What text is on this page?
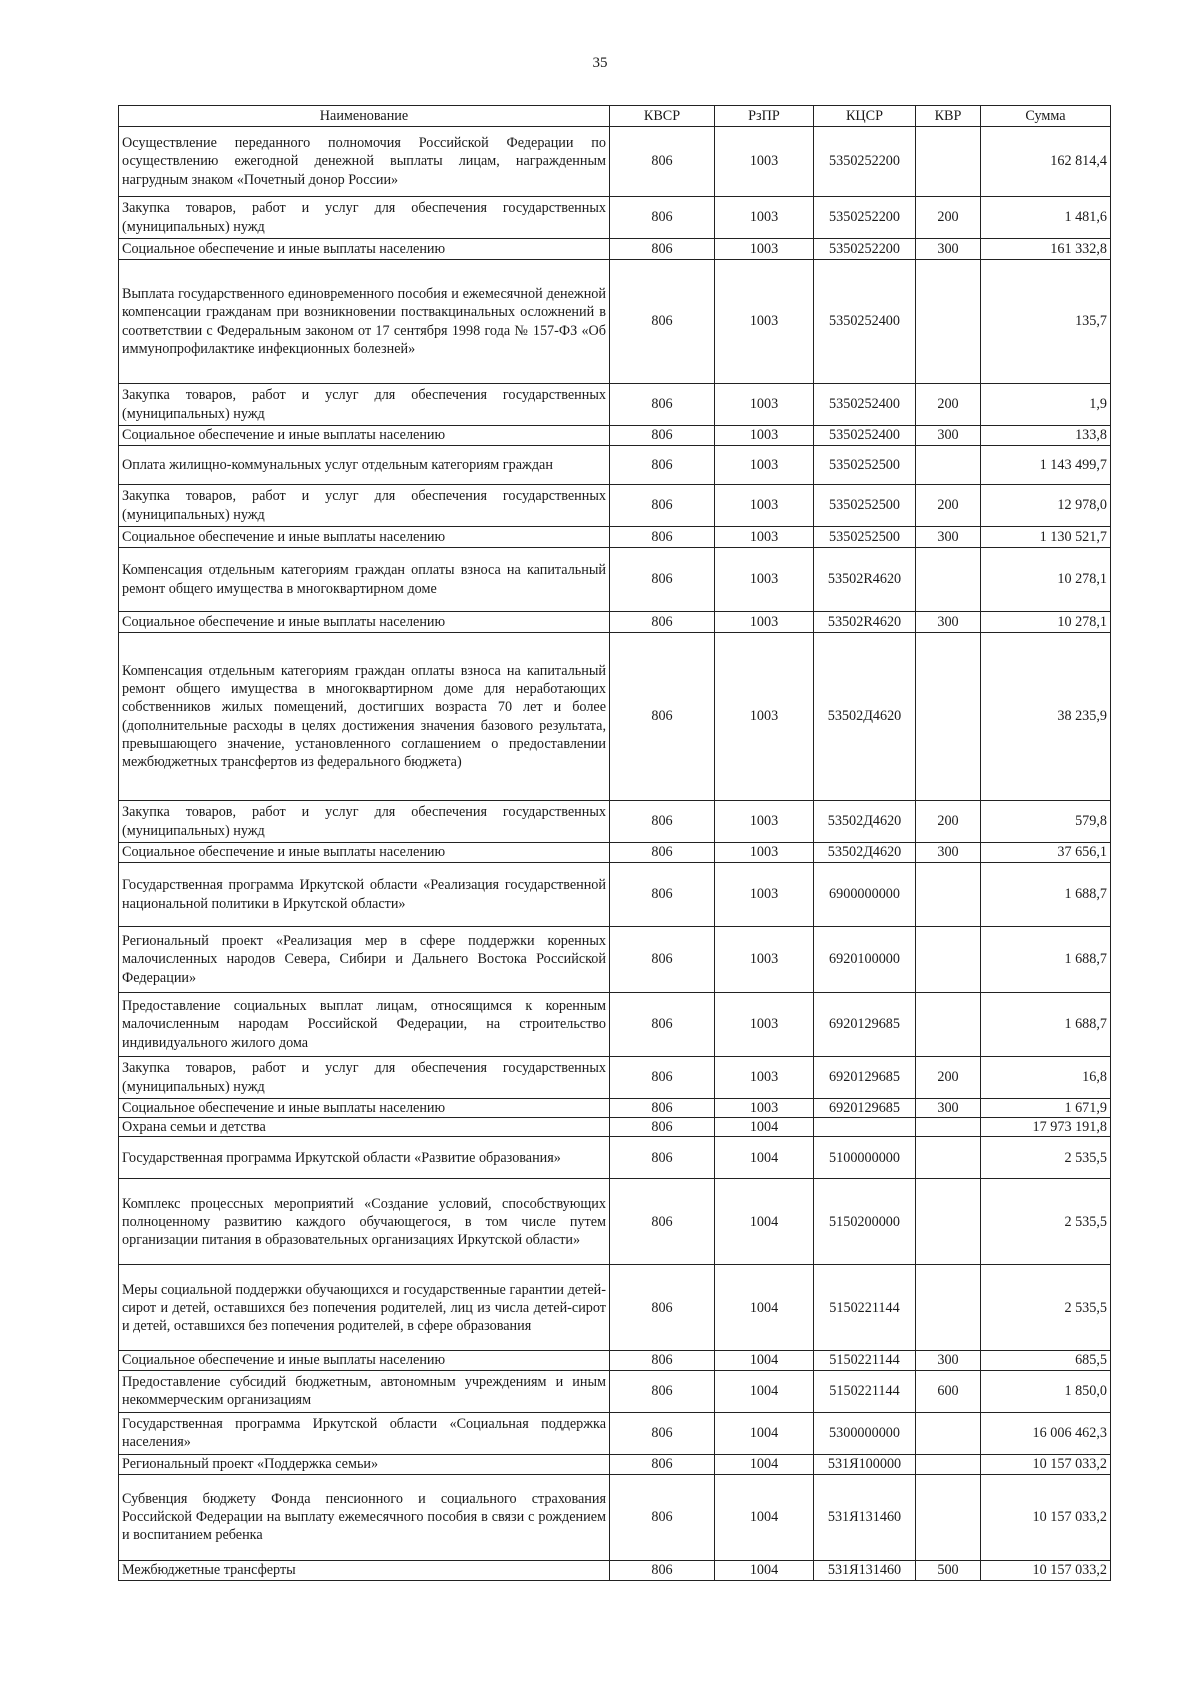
35
Наименование	КВСР	РзПР	КЦСР	КВР	Сумма
Осуществление переданного полномочия Российской Федерации по осуществлению ежегодной денежной выплаты лицам, награжденным нагрудным знаком «Почетный донор России»	806	1003	5350252200		162 814,4
Закупка товаров, работ и услуг для обеспечения государственных (муниципальных) нужд	806	1003	5350252200	200	1 481,6
Социальное обеспечение и иные выплаты населению	806	1003	5350252200	300	161 332,8
Выплата государственного единовременного пособия и ежемесячной денежной компенсации гражданам при возникновении поствакцинальных осложнений в соответствии с Федеральным законом от 17 сентября 1998 года № 157-ФЗ «Об иммунопрофилактике инфекционных болезней»	806	1003	5350252400		135,7
Закупка товаров, работ и услуг для обеспечения государственных (муниципальных) нужд	806	1003	5350252400	200	1,9
Социальное обеспечение и иные выплаты населению	806	1003	5350252400	300	133,8
Оплата жилищно-коммунальных услуг отдельным категориям граждан	806	1003	5350252500		1 143 499,7
Закупка товаров, работ и услуг для обеспечения государственных (муниципальных) нужд	806	1003	5350252500	200	12 978,0
Социальное обеспечение и иные выплаты населению	806	1003	5350252500	300	1 130 521,7
Компенсация отдельным категориям граждан оплаты взноса на капитальный ремонт общего имущества в многоквартирном доме	806	1003	53502R4620		10 278,1
Социальное обеспечение и иные выплаты населению	806	1003	53502R4620	300	10 278,1
Компенсация отдельным категориям граждан оплаты взноса на капитальный ремонт общего имущества в многоквартирном доме для неработающих собственников жилых помещений, достигших возраста 70 лет и более (дополнительные расходы в целях достижения значения базового результата, превышающего значение, установленного соглашением о предоставлении межбюджетных трансфертов из федерального бюджета)	806	1003	53502Д4620		38 235,9
Закупка товаров, работ и услуг для обеспечения государственных (муниципальных) нужд	806	1003	53502Д4620	200	579,8
Социальное обеспечение и иные выплаты населению	806	1003	53502Д4620	300	37 656,1
Государственная программа Иркутской области «Реализация государственной национальной политики в Иркутской области»	806	1003	6900000000		1 688,7
Региональный проект «Реализация мер в сфере поддержки коренных малочисленных народов Севера, Сибири и Дальнего Востока Российской Федерации»	806	1003	6920100000		1 688,7
Предоставление социальных выплат лицам, относящимся к коренным малочисленным народам Российской Федерации, на строительство индивидуального жилого дома	806	1003	6920129685		1 688,7
Закупка товаров, работ и услуг для обеспечения государственных (муниципальных) нужд	806	1003	6920129685	200	16,8
Социальное обеспечение и иные выплаты населению	806	1003	6920129685	300	1 671,9
Охрана семьи и детства	806	1004			17 973 191,8
Государственная программа Иркутской области «Развитие образования»	806	1004	5100000000		2 535,5
Комплекс процессных мероприятий «Создание условий, способствующих полноценному развитию каждого обучающегося, в том числе путем организации питания в образовательных организациях Иркутской области»	806	1004	5150200000		2 535,5
Меры социальной поддержки обучающихся и государственные гарантии детей-сирот и детей, оставшихся без попечения родителей, лиц из числа детей-сирот и детей, оставшихся без попечения родителей, в сфере образования	806	1004	5150221144		2 535,5
Социальное обеспечение и иные выплаты населению	806	1004	5150221144	300	685,5
Предоставление субсидий бюджетным, автономным учреждениям и иным некоммерческим организациям	806	1004	5150221144	600	1 850,0
Государственная программа Иркутской области «Социальная поддержка населения»	806	1004	5300000000		16 006 462,3
Региональный проект «Поддержка семьи»	806	1004	531Я100000		10 157 033,2
Субвенция бюджету Фонда пенсионного и социального страхования Российской Федерации на выплату ежемесячного пособия в связи с рождением и воспитанием ребенка	806	1004	531Я131460		10 157 033,2
Межбюджетные трансферты	806	1004	531Я131460	500	10 157 033,2
